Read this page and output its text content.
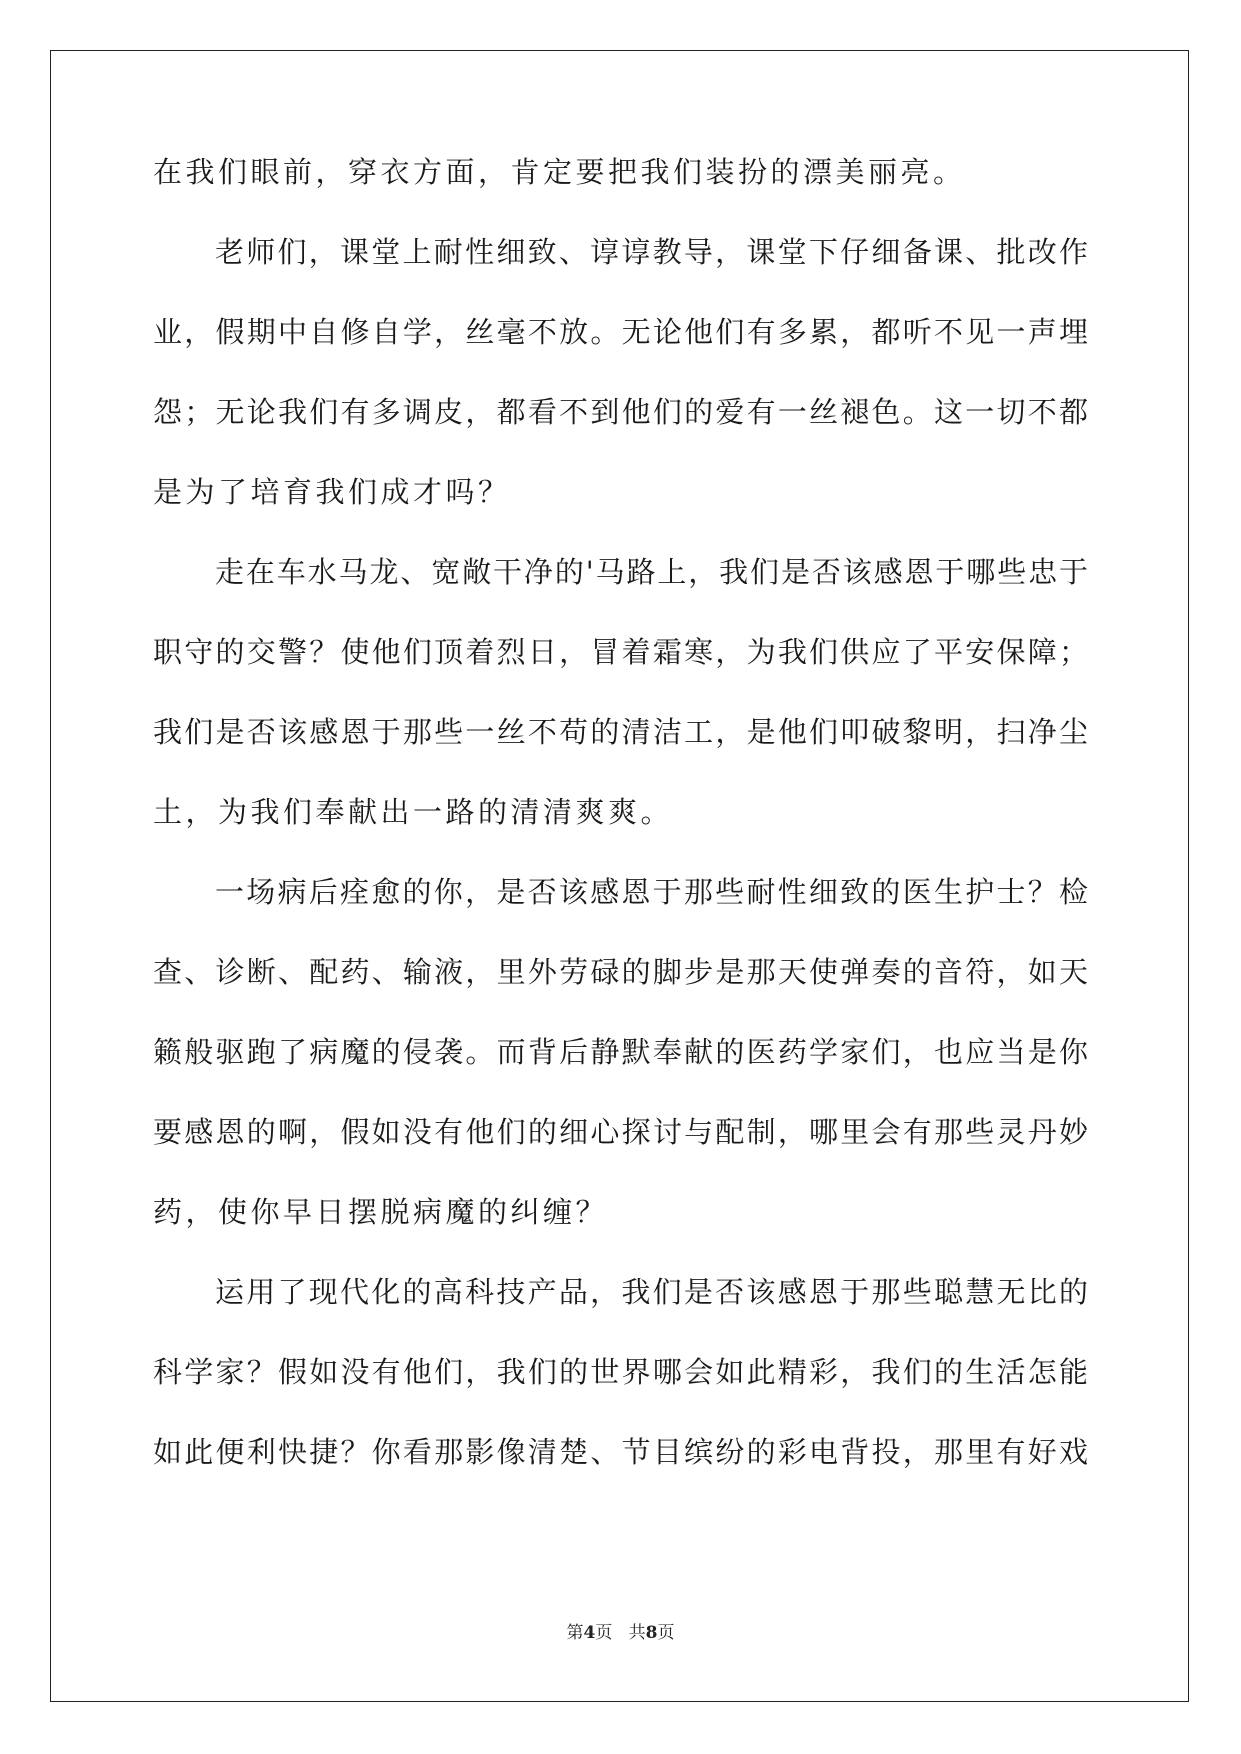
在我们眼前，穿衣方面，肯定要把我们装扮的漂美丽亮。
老师们，课堂上耐性细致、谆谆教导，课堂下仔细备课、批改作
业，假期中自修自学，丝毫不放。无论他们有多累，都听不见一声埋
怨；无论我们有多调皮，都看不到他们的爱有一丝褪色。这一切不都
是为了培育我们成才吗？
走在车水马龙、宽敞干净的'马路上，我们是否该感恩于哪些忠于
职守的交警？使他们顶着烈日，冒着霜寒，为我们供应了平安保障；
我们是否该感恩于那些一丝不苟的清洁工，是他们叩破黎明，扫净尘
土，为我们奉献出一路的清清爽爽。
一场病后痊愈的你，是否该感恩于那些耐性细致的医生护士？检
查、诊断、配药、输液，里外劳碌的脚步是那天使弹奏的音符，如天
籁般驱跑了病魔的侵袭。而背后静默奉献的医药学家们，也应当是你
要感恩的啊，假如没有他们的细心探讨与配制，哪里会有那些灵丹妙
药，使你早日摆脱病魔的纠缠？
运用了现代化的高科技产品，我们是否该感恩于那些聪慧无比的
科学家？假如没有他们，我们的世界哪会如此精彩，我们的生活怎能
如此便利快捷？你看那影像清楚、节目缤纷的彩电背投，那里有好戏
第4页   共8页
